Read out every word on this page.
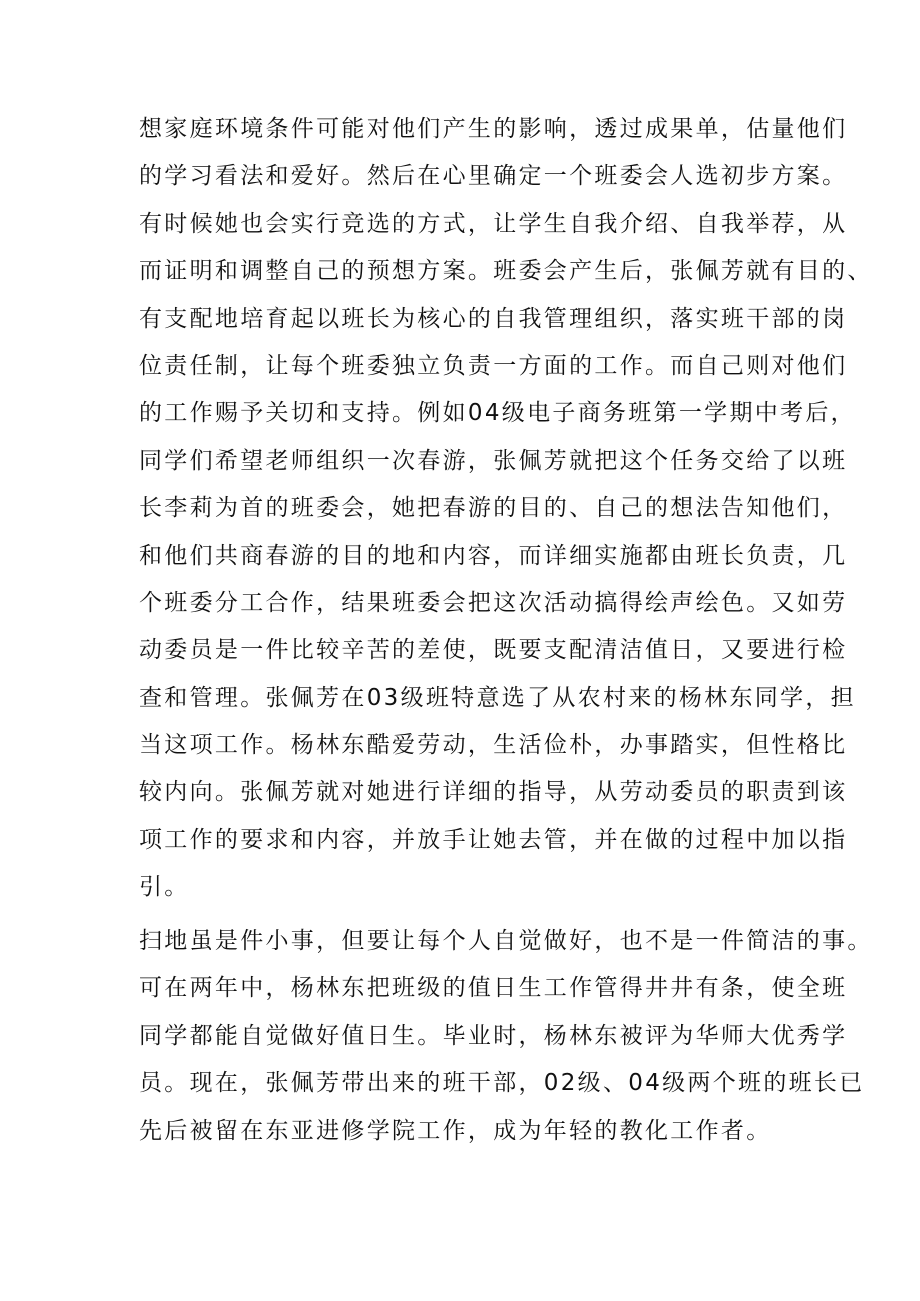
想家庭环境条件可能对他们产生的影响，透过成果单，估量他们
的学习看法和爱好。然后在心里确定一个班委会人选初步方案。
有时候她也会实行竞选的方式，让学生自我介绍、自我举荐，从
而证明和调整自己的预想方案。班委会产生后，张佩芳就有目的、
有支配地培育起以班长为核心的自我管理组织，落实班干部的岗
位责任制，让每个班委独立负责一方面的工作。而自己则对他们
的工作赐予关切和支持。例如04级电子商务班第一学期中考后，
同学们希望老师组织一次春游，张佩芳就把这个任务交给了以班
长李莉为首的班委会，她把春游的目的、自己的想法告知他们，
和他们共商春游的目的地和内容，而详细实施都由班长负责，几
个班委分工合作，结果班委会把这次活动搞得绘声绘色。又如劳
动委员是一件比较辛苦的差使，既要支配清洁值日，又要进行检
查和管理。张佩芳在03级班特意选了从农村来的杨林东同学，担
当这项工作。杨林东酷爱劳动，生活俭朴，办事踏实，但性格比
较内向。张佩芳就对她进行详细的指导，从劳动委员的职责到该
项工作的要求和内容，并放手让她去管，并在做的过程中加以指
引。
扫地虽是件小事，但要让每个人自觉做好，也不是一件简洁的事。
可在两年中，杨林东把班级的值日生工作管得井井有条，使全班
同学都能自觉做好值日生。毕业时，杨林东被评为华师大优秀学
员。现在，张佩芳带出来的班干部，02级、04级两个班的班长已
先后被留在东亚进修学院工作，成为年轻的教化工作者。
